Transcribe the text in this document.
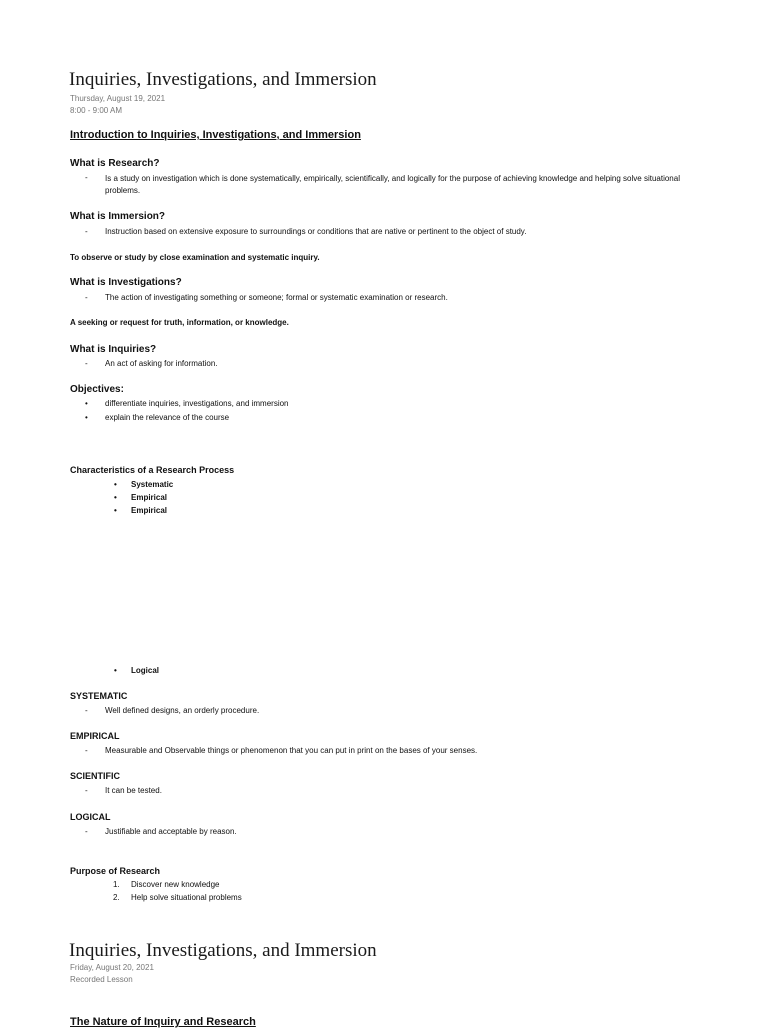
Inquiries, Investigations, and Immersion
Thursday, August 19, 2021
8:00 - 9:00 AM
Introduction to Inquiries, Investigations, and Immersion
What is Research?
- Is a study on investigation which is done systematically, empirically, scientifically, and logically for the purpose of achieving knowledge and helping solve situational problems.
What is Immersion?
- Instruction based on extensive exposure to surroundings or conditions that are native or pertinent to the object of study.
To observe or study by close examination and systematic inquiry.
What is Investigations?
- The action of investigating something or someone; formal or systematic examination or research.
A seeking or request for truth, information, or knowledge.
What is Inquiries?
- An act of asking for information.
Objectives:
• differentiate inquiries, investigations, and immersion
• explain the relevance of the course
Characteristics of a Research Process
• Systematic
• Empirical
• Empirical
• Logical
SYSTEMATIC
- Well defined designs, an orderly procedure.
EMPIRICAL
- Measurable and Observable things or phenomenon that you can put in print on the bases of your senses.
SCIENTIFIC
- It can be tested.
LOGICAL
- Justifiable and acceptable by reason.
Purpose of Research
1. Discover new knowledge
2. Help solve situational problems
Inquiries, Investigations, and Immersion
Friday, August 20, 2021
Recorded Lesson
The Nature of Inquiry and Research
